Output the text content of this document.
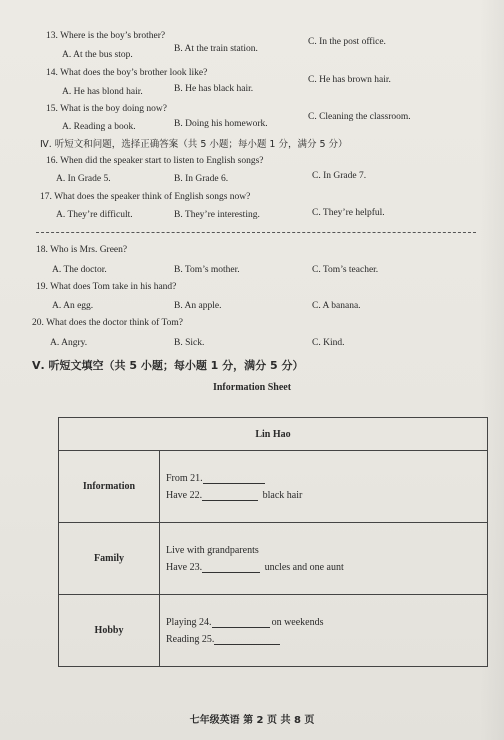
13. Where is the boy’s brother?
A. At the bus stop.
B. At the train station.
C. In the post office.
14. What does the boy’s brother look like?
A. He has blond hair.	B. He has black hair.
C. He has brown hair.
15. What is the boy doing now?
A. Reading a book.	B. Doing his homework.
C. Cleaning the classroom.
Ⅳ. 听短文和问题，选择正确答案（共 5 小题；每小题 1 分，满分 5 分）
16. When did the speaker start to listen to English songs?
A. In Grade 5.	B. In Grade 6.	C. In Grade 7.
17. What does the speaker think of English songs now?
A. They’re difficult.	B. They’re interesting.	C. They’re helpful.
18. Who is Mrs. Green?
A. The doctor.	B. Tom’s mother.	C. Tom’s teacher.
19. What does Tom take in his hand?
A. An egg.	B. An apple.	C. A banana.
20. What does the doctor think of Tom?
A. Angry.	B. Sick.	C. Kind.
Ⅴ. 听短文填空（共 5 小题；每小题 1 分，满分 5 分）
Information Sheet
Lin Hao	
Information	From 21.
Have 22. black hair

Family	Live with grandparents
Have 23. uncles and one aunt

Hobby	Playing 24. on weekends
Reading 25.
七年级英语 第 2 页 共 8 页
